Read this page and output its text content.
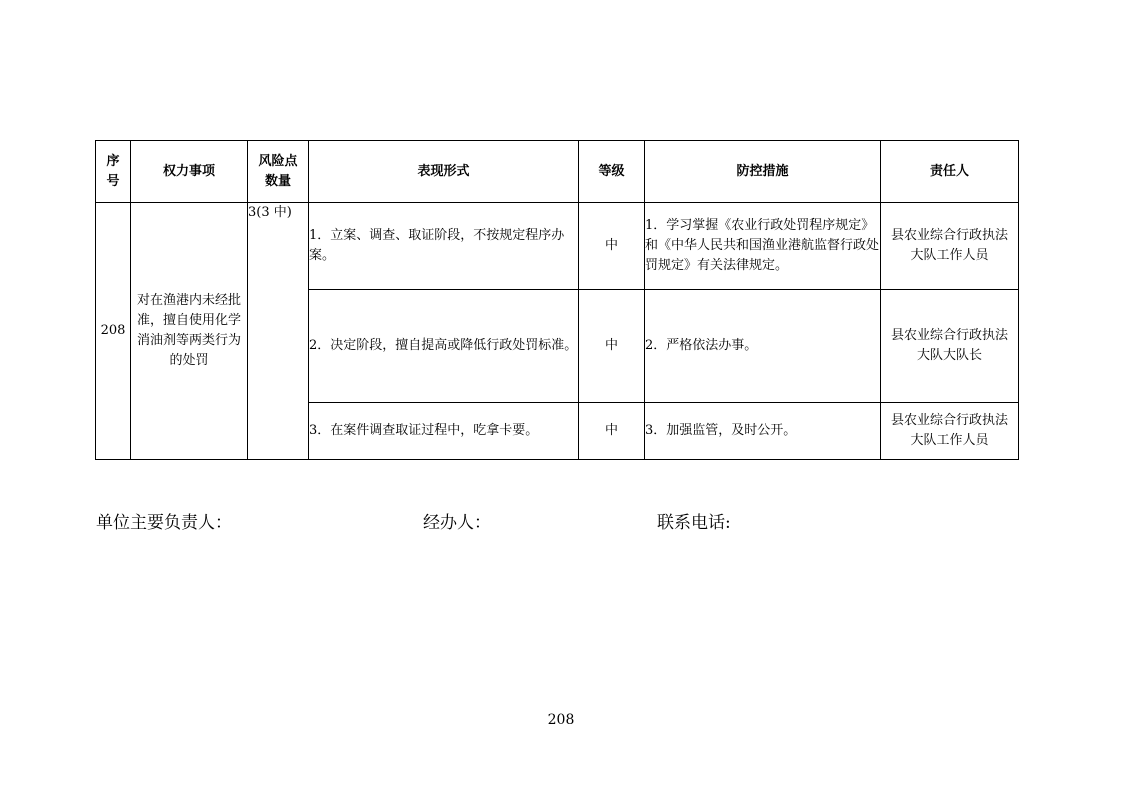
序号	权力事项	风险点数量	表现形式	等级	防控措施	责任人
208	对在渔港内未经批准，擅自使用化学消油剂等两类行为的处罚	3(3 中)	1．立案、调查、取证阶段，不按规定程序办案。	中	1．学习掌握《农业行政处罚程序规定》和《中华人民共和国渔业港航监督行政处罚规定》有关法律规定。	县农业综合行政执法大队工作人员
			2．决定阶段，擅自提高或降低行政处罚标准。	中	2．严格依法办事。	县农业综合行政执法大队大队长
			3．在案件调查取证过程中，吃拿卡要。	中	3．加强监管，及时公开。	县农业综合行政执法大队工作人员
单位主要负责人：	经办人：	联系电话:
208
